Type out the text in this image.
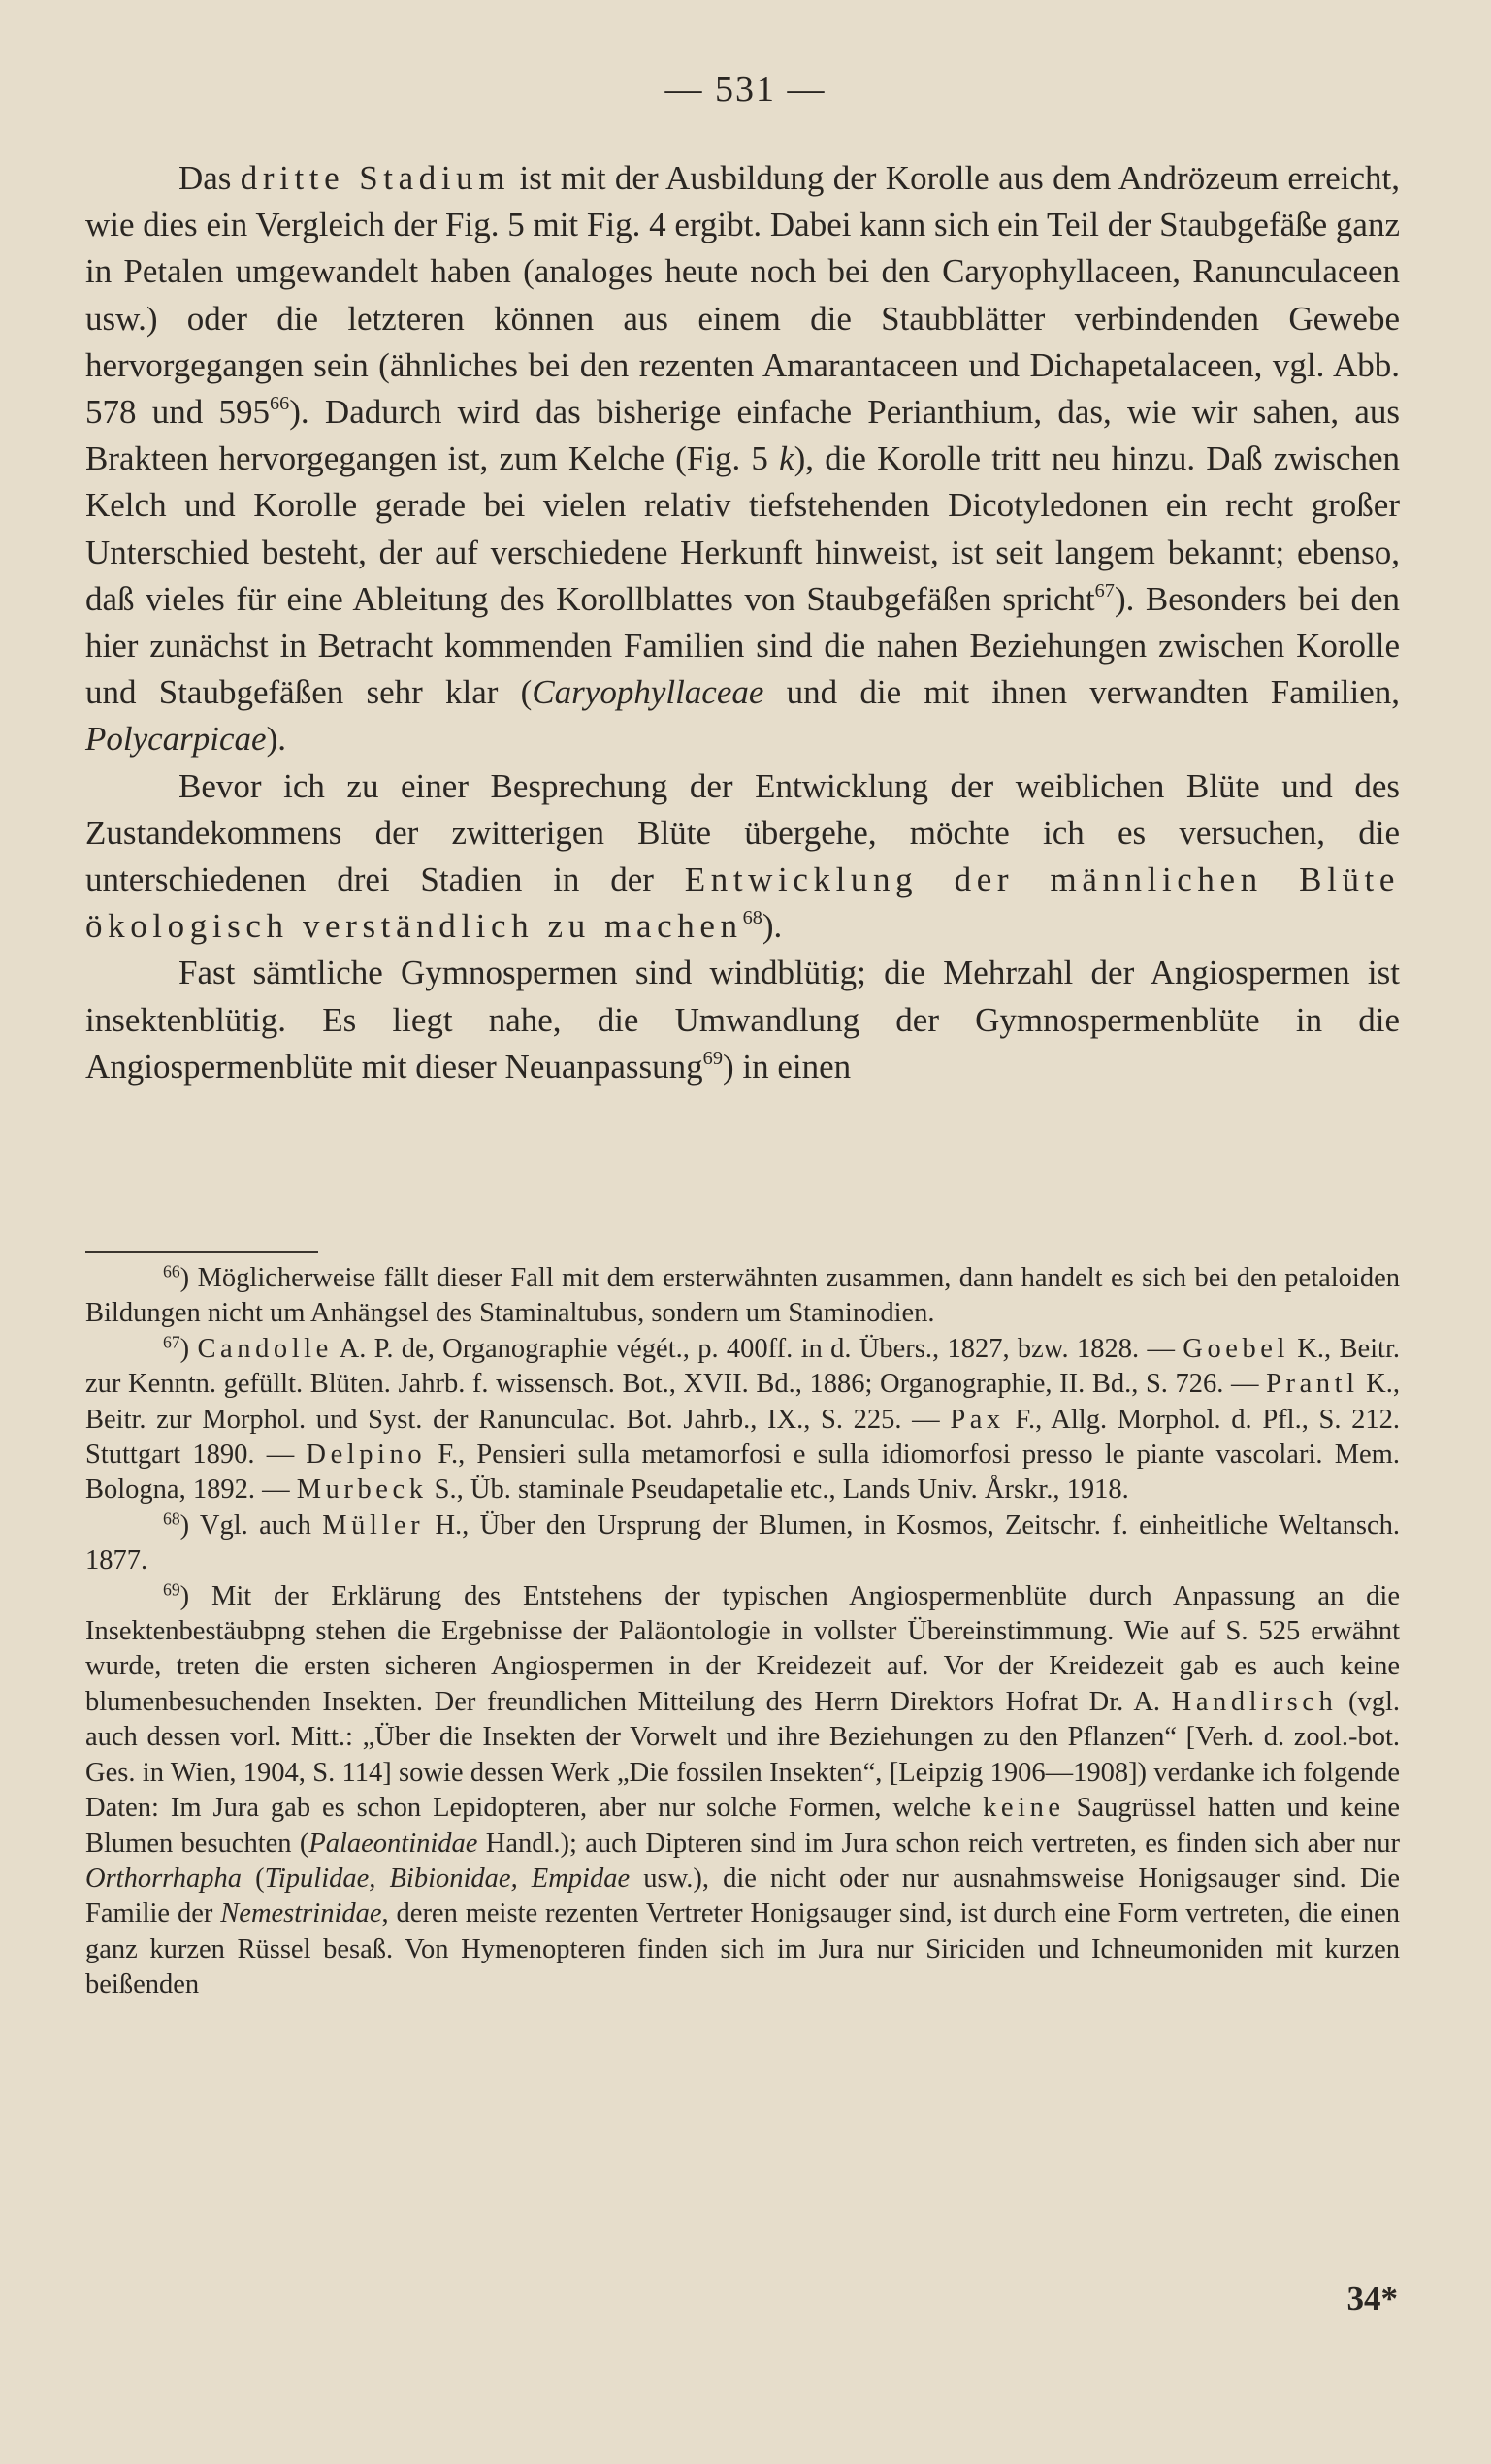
— 531 —

Das dritte Stadium ist mit der Ausbildung der Korolle aus dem Andrözeum erreicht, wie dies ein Vergleich der Fig. 5 mit Fig. 4 ergibt. Dabei kann sich ein Teil der Staubgefäße ganz in Petalen umgewandelt haben (analoges heute noch bei den Caryophyllaceen, Ranunculaceen usw.) oder die letzteren können aus einem die Staubblätter verbindenden Gewebe hervorgegangen sein (ähnliches bei den rezenten Amarantaceen und Dichapetalaceen, vgl. Abb. 578 und $595^{66}$). Dadurch wird das bisherige einfache Perianthium, das, wie wir sahen, aus Brakteen hervorgegangen ist, zum Kelche (Fig. 5 k), die Korolle tritt neu hinzu. Daß zwischen Kelch und Korolle gerade bei vielen relativ tiefstehenden Dicotyledonen ein recht großer Unterschied besteht, der auf verschiedene Herkunft hinweist, ist seit langem bekannt; ebenso, daß vieles für eine Ableitung des Korollblattes von Staubgefäßen spricht$^{67}$). Besonders bei den hier zunächst in Betracht kommenden Familien sind die nahen Beziehungen zwischen Korolle und Staubgefäßen sehr klar (Caryophyllaceae und die mit ihnen verwandten Familien, Polycarpicae).

Bevor ich zu einer Besprechung der Entwicklung der weiblichen Blüte und des Zustandekommens der zwitterigen Blüte übergehe, möchte ich es versuchen, die unterschiedenen drei Stadien in der Entwicklung der männlichen Blüte ökologisch verständlich zu machen$^{68}$).

Fast sämtliche Gymnospermen sind windblütig; die Mehrzahl der Angiospermen ist insektenblütig. Es liegt nahe, die Umwandlung der Gymnospermenblüte in die Angiospermenblüte mit dieser Neuanpassung$^{69}$) in einen

$^{66}$) Möglicherweise fällt dieser Fall mit dem ersterwähnten zusammen, dann handelt es sich bei den petaloiden Bildungen nicht um Anhängsel des Staminaltubus, sondern um Staminodien.

$^{67}$) Candolle A. P. de, Organographie végét., p. 400ff. in d. Übers., 1827, bzw. 1828. — Goebel K., Beitr. zur Kenntn. gefüllt. Blüten. Jahrb. f. wissensch. Bot., XVII. Bd., 1886; Organographie, II. Bd., S. 726. — Prantl K., Beitr. zur Morphol. und Syst. der Ranunculac. Bot. Jahrb., IX., S. 225. — Pax F., Allg. Morphol. d. Pfl., S. 212. Stuttgart 1890. — Delpino F., Pensieri sulla metamorfosi e sulla idiomorfosi presso le piante vascolari. Mem. Bologna, 1892. — Murbeck S., Üb. staminale Pseudapetalie etc., Lands Univ. Årskr., 1918.

$^{68}$) Vgl. auch Müller H., Über den Ursprung der Blumen, in Kosmos, Zeitschr. f. einheitliche Weltansch. 1877.

$^{69}$) Mit der Erklärung des Entstehens der typischen Angiospermenblüte durch Anpassung an die Insektenbestäubpng stehen die Ergebnisse der Paläontologie in vollster Übereinstimmung. Wie auf S. 525 erwähnt wurde, treten die ersten sicheren Angiospermen in der Kreidezeit auf. Vor der Kreidezeit gab es auch keine blumenbesuchenden Insekten. Der freundlichen Mitteilung des Herrn Direktors Hofrat Dr. A. Handlirsch (vgl. auch dessen vorl. Mitt.: „Über die Insekten der Vorwelt und ihre Beziehungen zu den Pflanzen“ [Verh. d. zool.-bot. Ges. in Wien, 1904, S. 114] sowie dessen Werk „Die fossilen Insekten“, [Leipzig 1906—1908]) verdanke ich folgende Daten: Im Jura gab es schon Lepidopteren, aber nur solche Formen, welche keine Saugrüssel hatten und keine Blumen besuchten (Palaeontinidae Handl.); auch Dipteren sind im Jura schon reich vertreten, es finden sich aber nur Orthorrhapha (Tipulidae, Bibionidae, Empidae usw.), die nicht oder nur ausnahmsweise Honigsauger sind. Die Familie der Nemestrinidae, deren meiste rezenten Vertreter Honigsauger sind, ist durch eine Form vertreten, die einen ganz kurzen Rüssel besaß. Von Hymenopteren finden sich im Jura nur Siriciden und Ichneumoniden mit kurzen beißenden

34*
